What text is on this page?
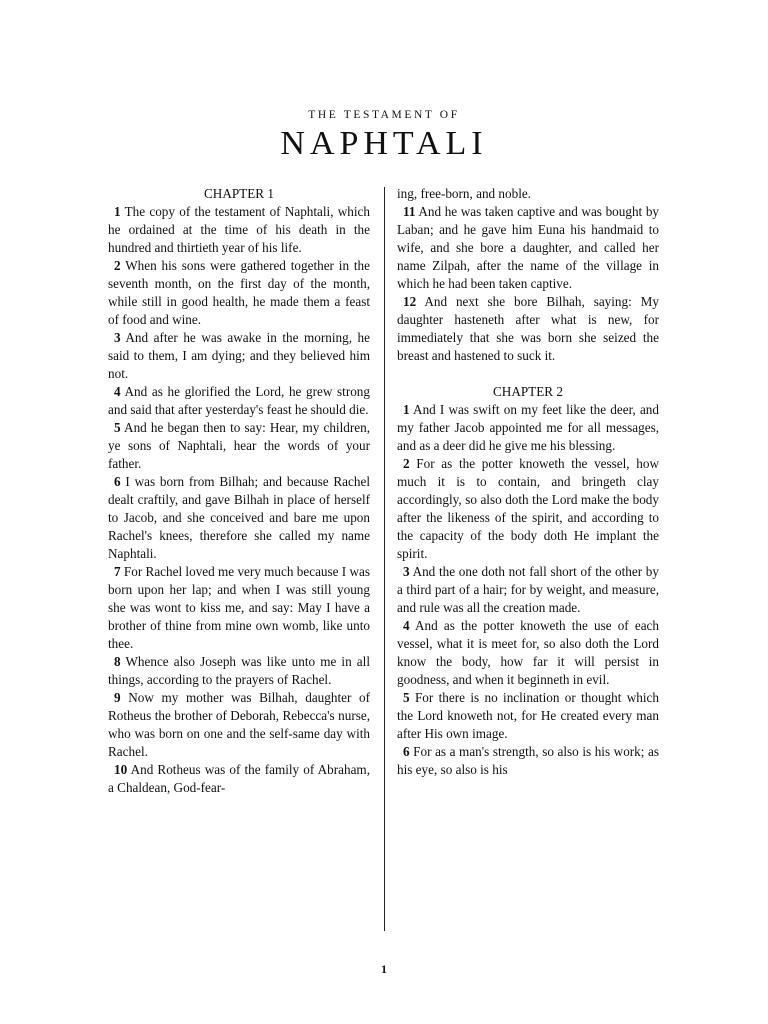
THE TESTAMENT OF
NAPHTALI

CHAPTER 1

1 The copy of the testament of Naphtali, which he ordained at the time of his death in the hundred and thirtieth year of his life.

2 When his sons were gathered together in the seventh month, on the first day of the month, while still in good health, he made them a feast of food and wine.

3 And after he was awake in the morning, he said to them, I am dying; and they believed him not.

4 And as he glorified the Lord, he grew strong and said that after yesterday's feast he should die.

5 And he began then to say: Hear, my children, ye sons of Naphtali, hear the words of your father.

6 I was born from Bilhah; and because Rachel dealt craftily, and gave Bilhah in place of herself to Jacob, and she conceived and bare me upon Rachel's knees, therefore she called my name Naphtali.

7 For Rachel loved me very much because I was born upon her lap; and when I was still young she was wont to kiss me, and say: May I have a brother of thine from mine own womb, like unto thee.

8 Whence also Joseph was like unto me in all things, according to the prayers of Rachel.

9 Now my mother was Bilhah, daughter of Rotheus the brother of Deborah, Rebecca's nurse, who was born on one and the self-same day with Rachel.

10 And Rotheus was of the family of Abraham, a Chaldean, God-fear-

ing, free-born, and noble.

11 And he was taken captive and was bought by Laban; and he gave him Euna his handmaid to wife, and she bore a daughter, and called her name Zilpah, after the name of the village in which he had been taken captive.

12 And next she bore Bilhah, saying: My daughter hasteneth after what is new, for immediately that she was born she seized the breast and hastened to suck it.

CHAPTER 2

1 And I was swift on my feet like the deer, and my father Jacob appointed me for all messages, and as a deer did he give me his blessing.

2 For as the potter knoweth the vessel, how much it is to contain, and bringeth clay accordingly, so also doth the Lord make the body after the likeness of the spirit, and according to the capacity of the body doth He implant the spirit.

3 And the one doth not fall short of the other by a third part of a hair; for by weight, and measure, and rule was all the creation made.

4 And as the potter knoweth the use of each vessel, what it is meet for, so also doth the Lord know the body, how far it will persist in goodness, and when it beginneth in evil.

5 For there is no inclination or thought which the Lord knoweth not, for He created every man after His own image.

6 For as a man's strength, so also is his work; as his eye, so also is his

1
